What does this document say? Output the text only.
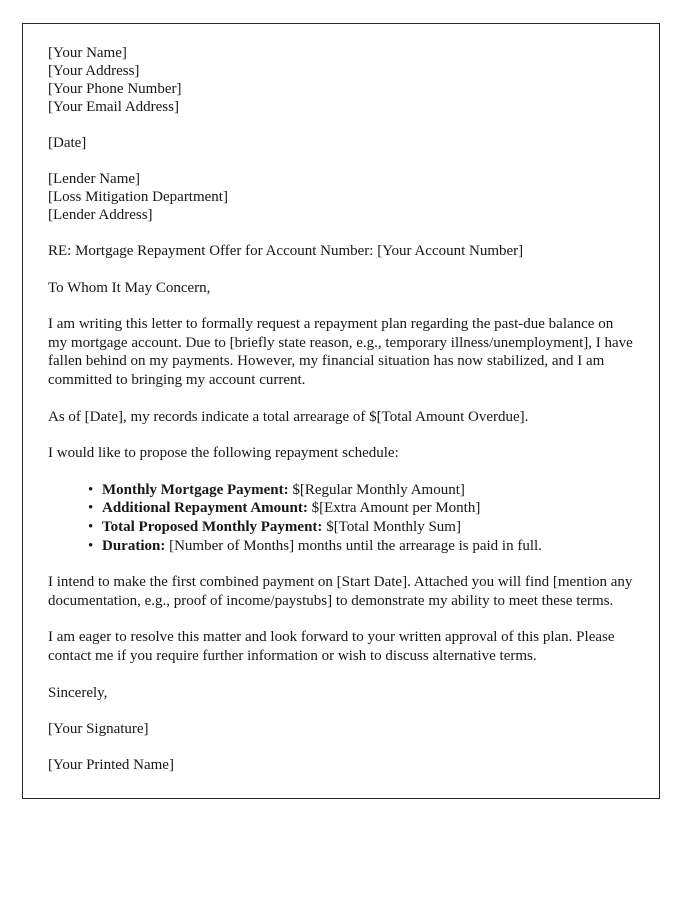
[Your Name]
[Your Address]
[Your Phone Number]
[Your Email Address]
[Date]
[Lender Name]
[Loss Mitigation Department]
[Lender Address]
RE: Mortgage Repayment Offer for Account Number: [Your Account Number]
To Whom It May Concern,
I am writing this letter to formally request a repayment plan regarding the past-due balance on my mortgage account. Due to [briefly state reason, e.g., temporary illness/unemployment], I have fallen behind on my payments. However, my financial situation has now stabilized, and I am committed to bringing my account current.
As of [Date], my records indicate a total arrearage of $[Total Amount Overdue].
I would like to propose the following repayment schedule:
• Monthly Mortgage Payment: $[Regular Monthly Amount]
• Additional Repayment Amount: $[Extra Amount per Month]
• Total Proposed Monthly Payment: $[Total Monthly Sum]
• Duration: [Number of Months] months until the arrearage is paid in full.
I intend to make the first combined payment on [Start Date]. Attached you will find [mention any documentation, e.g., proof of income/paystubs] to demonstrate my ability to meet these terms.
I am eager to resolve this matter and look forward to your written approval of this plan. Please contact me if you require further information or wish to discuss alternative terms.
Sincerely,
[Your Signature]
[Your Printed Name]
